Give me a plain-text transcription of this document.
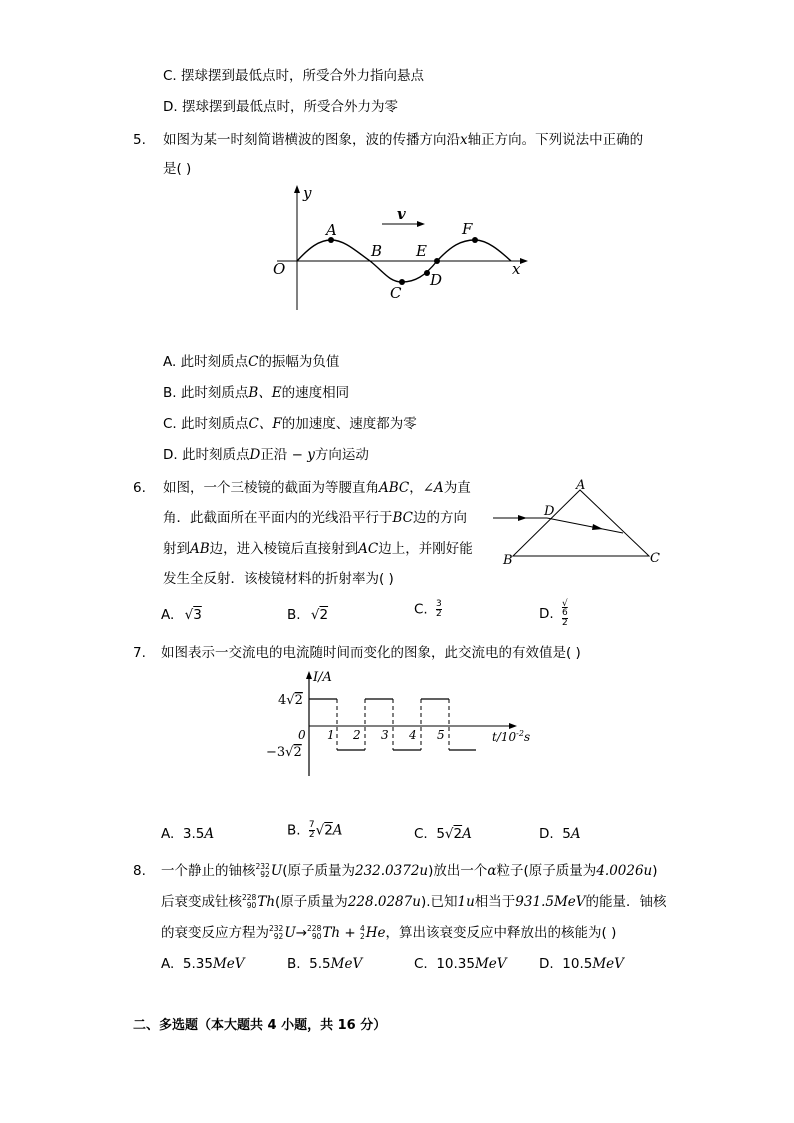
C. 摆球摆到最低点时，所受合外力指向悬点
D. 摆球摆到最低点时，所受合外力为零
5. 如图为某一时刻简谐横波的图象，波的传播方向沿x轴正方向。下列说法中正确的
是( )
y
x
O
v
A
B
C
D
E
F
A. 此时刻质点C的振幅为负值
B. 此时刻质点B、E的速度相同
C. 此时刻质点C、F的加速度、速度都为零
D. 此时刻质点D正沿 − y方向运动
6. 如图，一个三棱镜的截面为等腰直角ABC，∠A为直
角．此截面所在平面内的光线沿平行于BC边的方向
射到AB边，进入棱镜后直接射到AC边上，并刚好能
发生全反射．该棱镜材料的折射率为( )
A
B	C
D
A. √3	B. √2	C. $\frac{3}{2}$	D. √
6
2
7. 如图表示一交流电的电流随时间而变化的图象，此交流电的有效值是( )
I/A
$t/10^{-2}s$
4√2
−3√2
0 1 2 3 4 5
A. 3.5A	B. $\frac{7}{2} √2A$	C. 5√2A	D. 5A
8. 一个静止的铀核 232
92 U(原子质量为232.0372u)放出一个α粒子(原子质量为4.0026u)
后衰变成钍核 228
90 Th(原子质量为228.0287u).已知1u相当于931.5MeV的能量．铀核
的衰变反应方程为 232
92 U→ 228
90 Th + 4
2 He，算出该衰变反应中释放出的核能为( )
A. 5.35MeV	B. 5.5MeV	C. 10.35MeV D. 10.5MeV
二、多选题（本大题共 4 小题，共 16 分）
